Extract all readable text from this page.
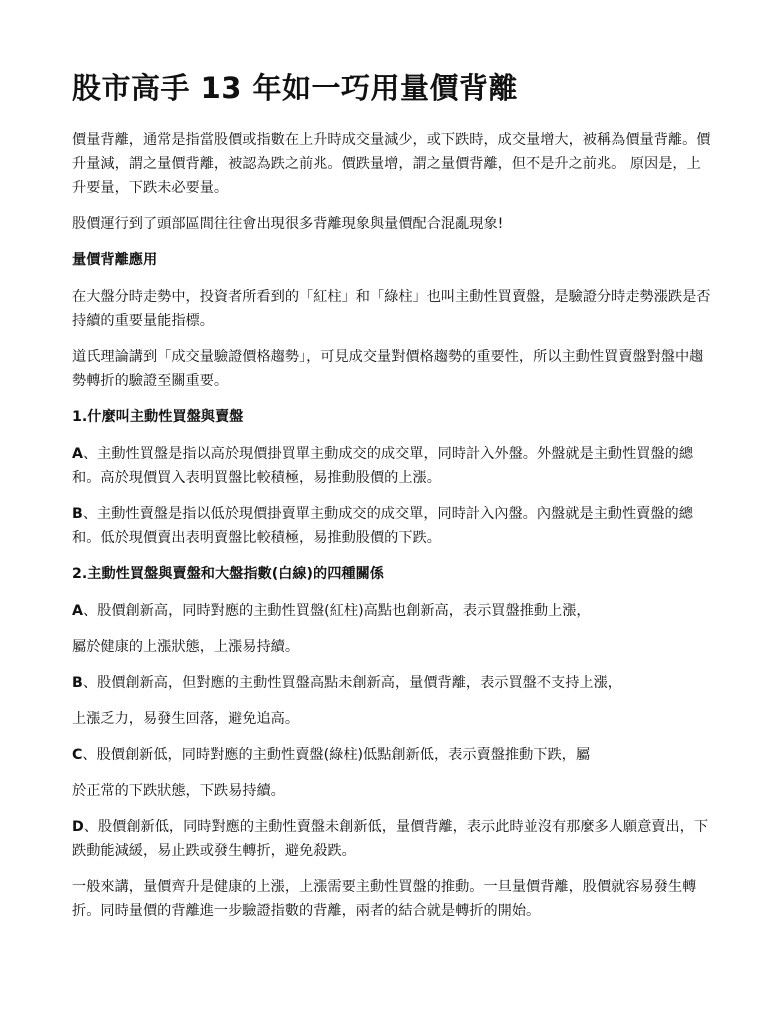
股市高手 13 年如一巧用量價背離

價量背離，通常是指當股價或指數在上升時成交量減少，或下跌時，成交量增大，被稱為價量背離。價升量減，謂之量價背離，被認為跌之前兆。價跌量增，謂之量價背離，但不是升之前兆。 原因是，上升要量，下跌未必要量。

股價運行到了頭部區間往往會出現很多背離現象與量價配合混亂現象!

量價背離應用

在大盤分時走勢中，投資者所看到的「紅柱」和「綠柱」也叫主動性買賣盤，是驗證分時走勢漲跌是否持續的重要量能指標。

道氏理論講到「成交量驗證價格趨勢」，可見成交量對價格趨勢的重要性，所以主動性買賣盤對盤中趨勢轉折的驗證至關重要。

1.什麼叫主動性買盤與賣盤

A、主動性買盤是指以高於現價掛買單主動成交的成交單，同時計入外盤。外盤就是主動性買盤的總和。高於現價買入表明買盤比較積極，易推動股價的上漲。

B、主動性賣盤是指以低於現價掛賣單主動成交的成交單，同時計入內盤。內盤就是主動性賣盤的總和。低於現價賣出表明賣盤比較積極，易推動股價的下跌。

2.主動性買盤與賣盤和大盤指數(白線)的四種關係

A、股價創新高，同時對應的主動性買盤(紅柱)高點也創新高，表示買盤推動上漲，

屬於健康的上漲狀態，上漲易持續。

B、股價創新高，但對應的主動性買盤高點未創新高，量價背離，表示買盤不支持上漲，

上漲乏力，易發生回落，避免追高。

C、股價創新低，同時對應的主動性賣盤(綠柱)低點創新低，表示賣盤推動下跌，屬

於正常的下跌狀態，下跌易持續。

D、股價創新低，同時對應的主動性賣盤未創新低，量價背離，表示此時並沒有那麼多人願意賣出，下跌動能減緩，易止跌或發生轉折，避免殺跌。

一般來講，量價齊升是健康的上漲，上漲需要主動性買盤的推動。一旦量價背離，股價就容易發生轉折。同時量價的背離進一步驗證指數的背離，兩者的結合就是轉折的開始。
